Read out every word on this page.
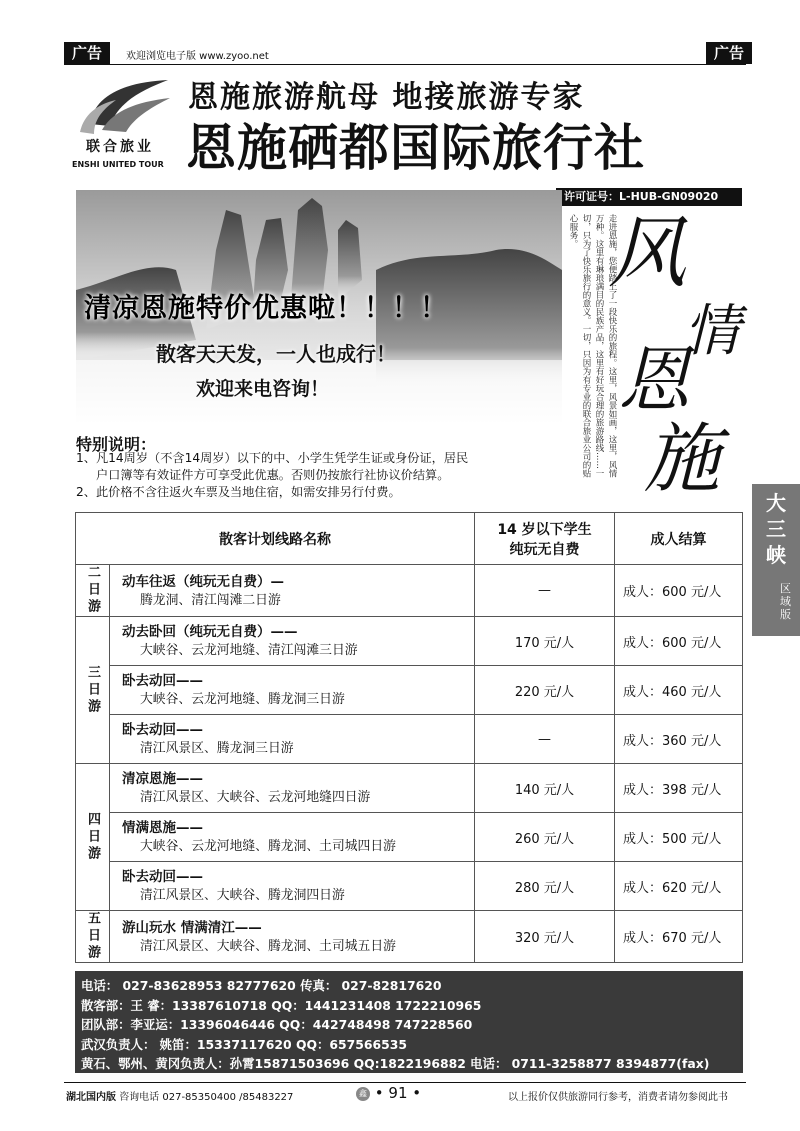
广告	欢迎浏览电子版 www.zyoo.net	广告
联合旅业
ENSHI UNITED TOUR
恩施旅游航母 地接旅游专家
恩施硒都国际旅行社
许可证号：L-HUB-GN09020
清凉恩施特价优惠啦！！！！
散客天天发，一人也成行！
欢迎来电咨询！	走进恩施，您便踏上了一段快乐的旅程。这里，风景如画，这里，风情万种。这里有琳琅满目的民族产品，这里有好玩合理的旅游路线……一切，只为了快乐旅行的意义。一切，只因为有专业的联合旅业公司的贴心服务。 风
情
恩
施
特别说明：

1、凡14周岁（不含14周岁）以下的中、小学生凭学生证或身份证，居民

户口簿等有效证件方可享受此优惠。否则仍按旅行社协议价结算。

2、此价格不含往返火车票及当地住宿，如需安排另行付费。

散客计划线路名称		14 岁以下学生
纯玩无自费	成人结算
二日游	动车往返（纯玩无自费）—
腾龙洞、清江闯滩二日游	—	成人：600 元/人
三日游	动去卧回（纯玩无自费）——
大峡谷、云龙河地缝、清江闯滩三日游	170 元/人	成人：600 元/人

	卧去动回——
大峡谷、云龙河地缝、腾龙洞三日游	220 元/人	成人：460 元/人

	卧去动回——
清江风景区、腾龙洞三日游	—	成人：360 元/人
四日游	清凉恩施——
清江风景区、大峡谷、云龙河地缝四日游	140 元/人	成人：398 元/人

	情满恩施——
大峡谷、云龙河地缝、腾龙洞、土司城四日游	260 元/人	成人：500 元/人

	卧去动回——
清江风景区、大峡谷、腾龙洞四日游	280 元/人	成人：620 元/人
五日游	游山玩水 情满清江——
清江风景区、大峡谷、腾龙洞、土司城五日游	320 元/人	成人：670 元/人
电话： 027-83628953 82777620 传真： 027-82817620
散客部：王 睿：13387610718 QQ：1441231408 1722210965
团队部：李亚运：13396046446 QQ：442748498 747228560
武汉负责人： 姚笛：15337117620 QQ：657566535
黄石、鄂州、黄冈负责人：孙霄15871503696 QQ:1822196882 电话： 0711-3258877 8394877(fax)
大三峡
区域版
湖北国内版 咨询电话 027-85350400 /85483227	鑫 • 91 •	以上报价仅供旅游同行参考，消费者请勿参阅此书
